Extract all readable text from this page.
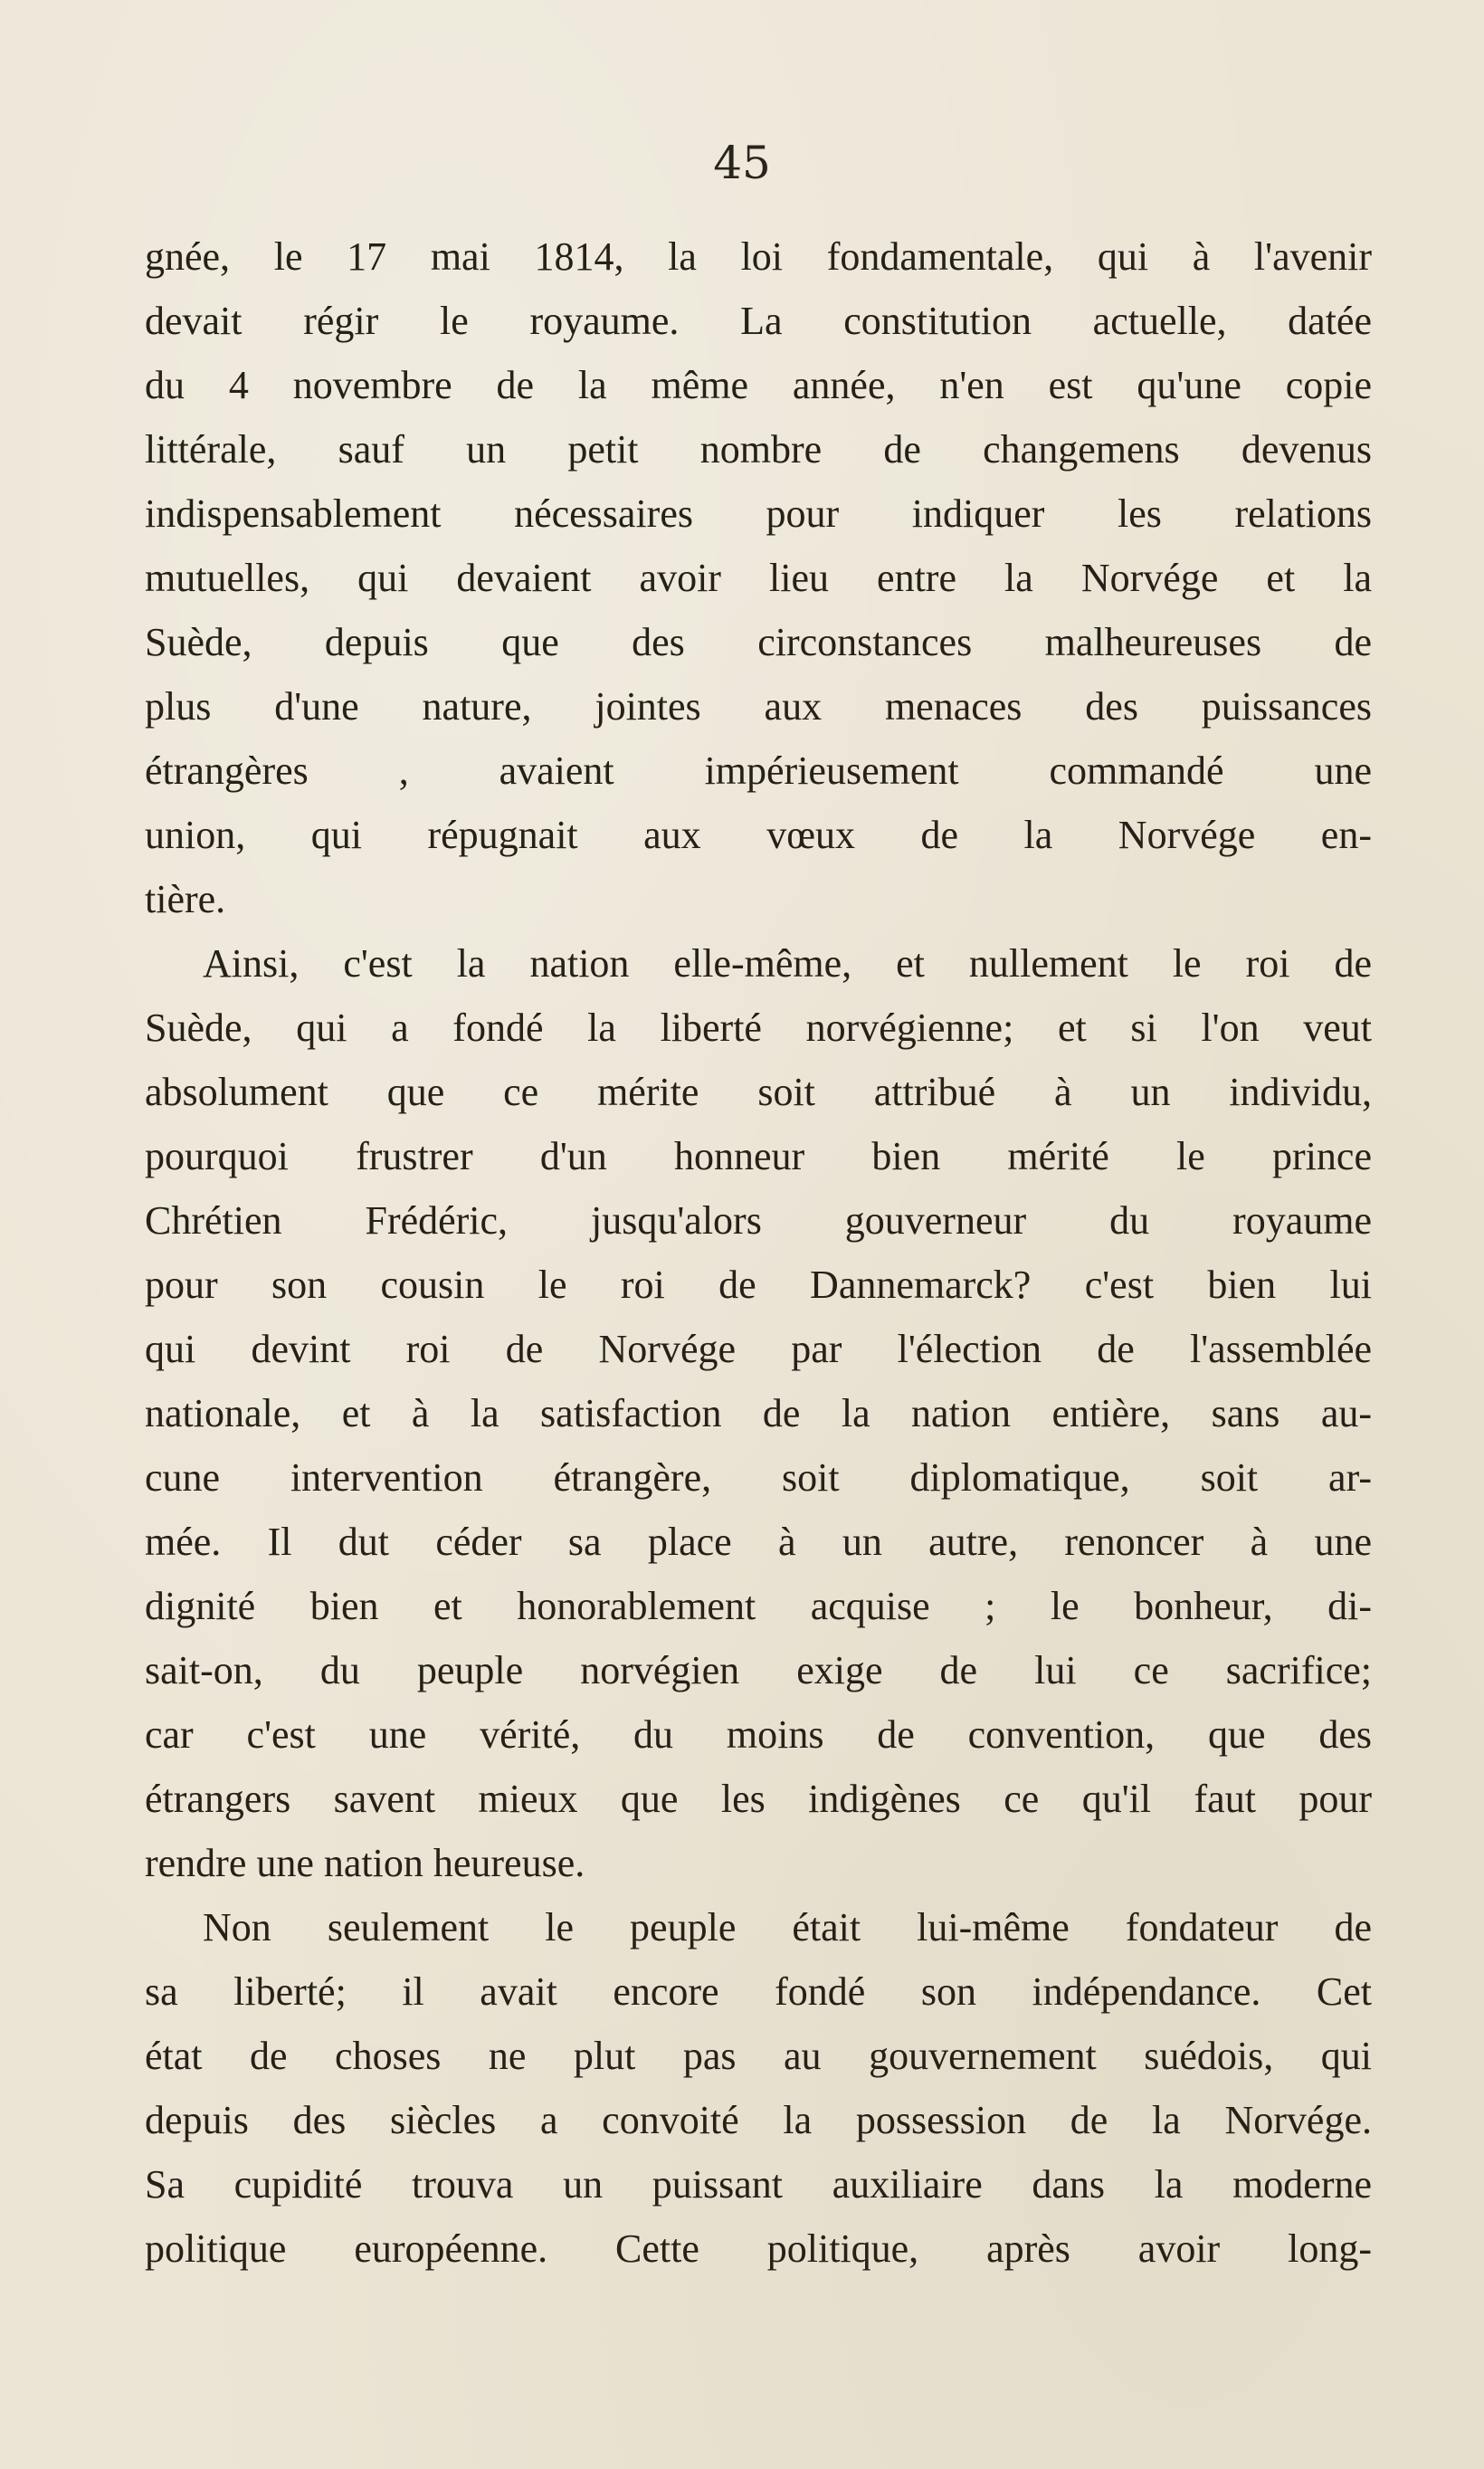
45
gnée, le 17 mai 1814, la loi fondamentale, qui à l'avenir
devait régir le royaume. La constitution actuelle, datée
du 4 novembre de la même année, n'en est qu'une copie
littérale, sauf un petit nombre de changemens devenus
indispensablement nécessaires pour indiquer les relations
mutuelles, qui devaient avoir lieu entre la Norvége et la
Suède, depuis que des circonstances malheureuses de
plus d'une nature, jointes aux menaces des puissances
étrangères , avaient impérieusement commandé une
union, qui répugnait aux vœux de la Norvége en-
tière.
Ainsi, c'est la nation elle-même, et nullement le roi de
Suède, qui a fondé la liberté norvégienne; et si l'on veut
absolument que ce mérite soit attribué à un individu,
pourquoi frustrer d'un honneur bien mérité le prince
Chrétien Frédéric, jusqu'alors gouverneur du royaume
pour son cousin le roi de Dannemarck? c'est bien lui
qui devint roi de Norvége par l'élection de l'assemblée
nationale, et à la satisfaction de la nation entière, sans au-
cune intervention étrangère, soit diplomatique, soit ar-
mée. Il dut céder sa place à un autre, renoncer à une
dignité bien et honorablement acquise ; le bonheur, di-
sait-on, du peuple norvégien exige de lui ce sacrifice;
car c'est une vérité, du moins de convention, que des
étrangers savent mieux que les indigènes ce qu'il faut pour
rendre une nation heureuse.
Non seulement le peuple était lui-même fondateur de
sa liberté; il avait encore fondé son indépendance. Cet
état de choses ne plut pas au gouvernement suédois, qui
depuis des siècles a convoité la possession de la Norvége.
Sa cupidité trouva un puissant auxiliaire dans la moderne
politique européenne. Cette politique, après avoir long-
